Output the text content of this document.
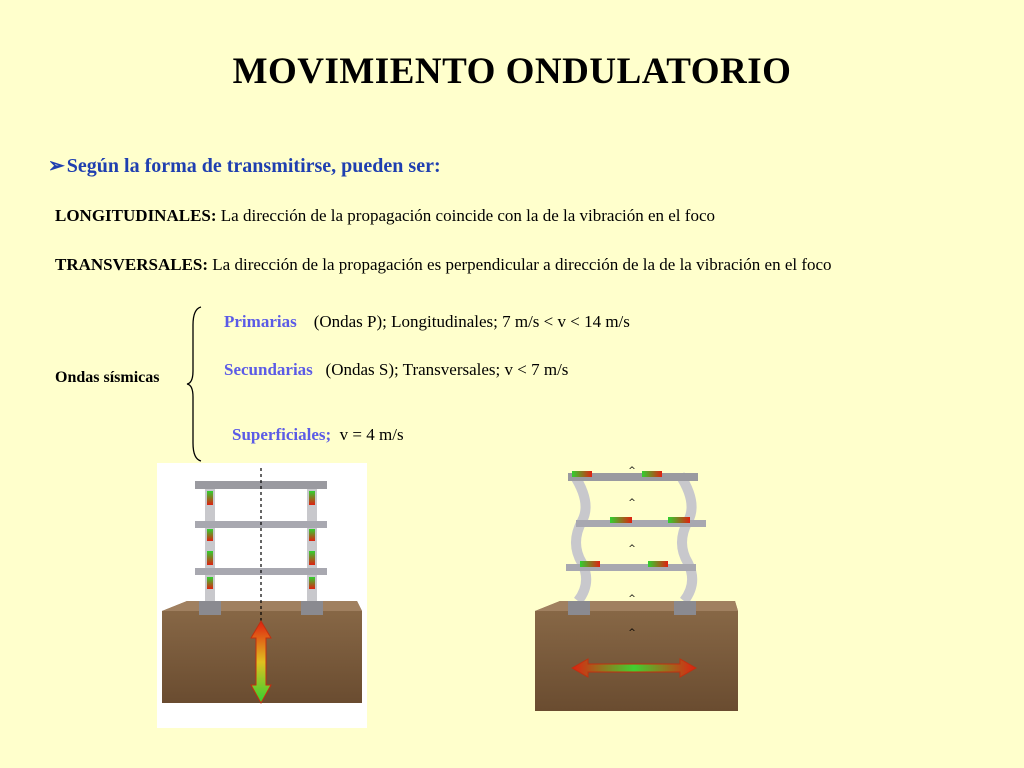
MOVIMIENTO ONDULATORIO
➢ Según la forma de transmitirse, pueden ser:
LONGITUDINALES: La dirección de la propagación coincide con la de la vibración en el foco
TRANSVERSALES: La dirección de la propagación es perpendicular a dirección de la de la vibración en el foco
Ondas sísmicas
Primarias (Ondas P); Longitudinales; 7 m/s < v < 14 m/s
Secundarias (Ondas S); Transversales; v < 7 m/s
Superficiales; v = 4 m/s
^
^
^
^
^
